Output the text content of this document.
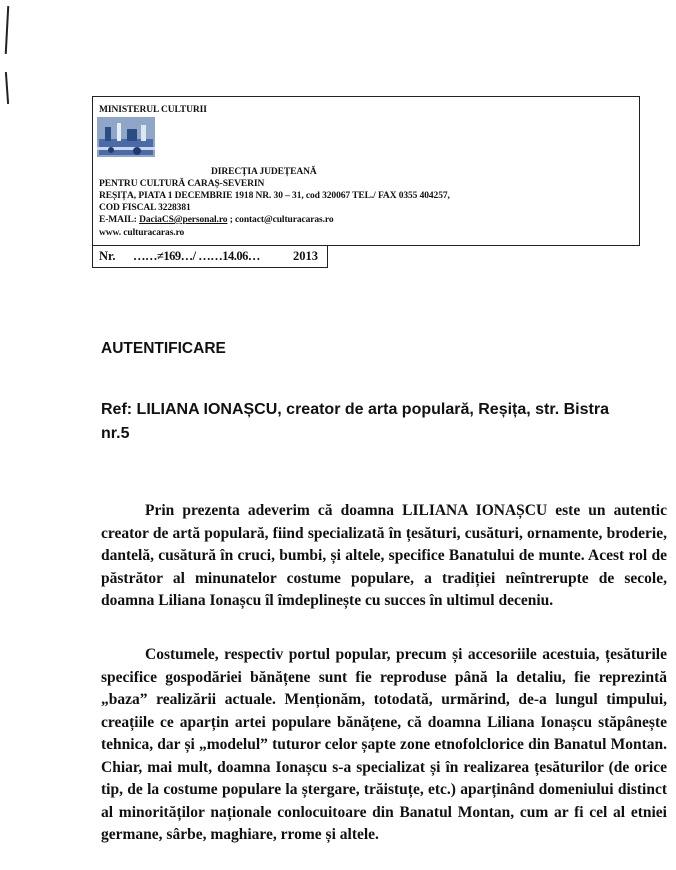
MINISTERUL CULTURII
DIRECȚIA JUDEȚEANĂ
PENTRU CULTURĂ CARAȘ-SEVERIN
REȘIȚA, PIATA 1 DECEMBRIE 1918 NR. 30 – 31, cod 320067 TEL./ FAX 0355 404257,
COD FISCAL 3228381
E-MAIL: DaciaCS@personal.ro ; contact@culturacaras.ro
www. culturacaras.ro
Nr. ……≠169…/ ……14.06…	2013
AUTENTIFICARE
Ref: LILIANA IONAȘCU, creator de arta populară, Reșița, str. Bistra nr.5

Prin prezenta adeverim că doamna LILIANA IONAȘCU este un autentic creator de artă populară, fiind specializată în țesături, cusături, ornamente, broderie, dantelă, cusătură în cruci, bumbi, și altele, specifice Banatului de munte. Acest rol de păstrător al minunatelor costume populare, a tradiției neîntrerupte de secole, doamna Liliana Ionașcu îl îmdeplinește cu succes în ultimul deceniu.

Costumele, respectiv portul popular, precum și accesoriile acestuia, țesăturile specifice gospodăriei bănățene sunt fie reproduse până la detaliu, fie reprezintă „baza” realizării actuale. Menționăm, totodată, urmărind, de-a lungul timpului, creațiile ce aparțin artei populare bănățene, că doamna Liliana Ionașcu stăpânește tehnica, dar și „modelul” tuturor celor șapte zone etnofolclorice din Banatul Montan. Chiar, mai mult, doamna Ionașcu s-a specializat și în realizarea țesăturilor (de orice tip, de la costume populare la ștergare, trăistuțe, etc.) aparținând domeniului distinct al minorităților naționale conlocuitoare din Banatul Montan, cum ar fi cel al etniei germane, sârbe, maghiare, rrome și altele.
